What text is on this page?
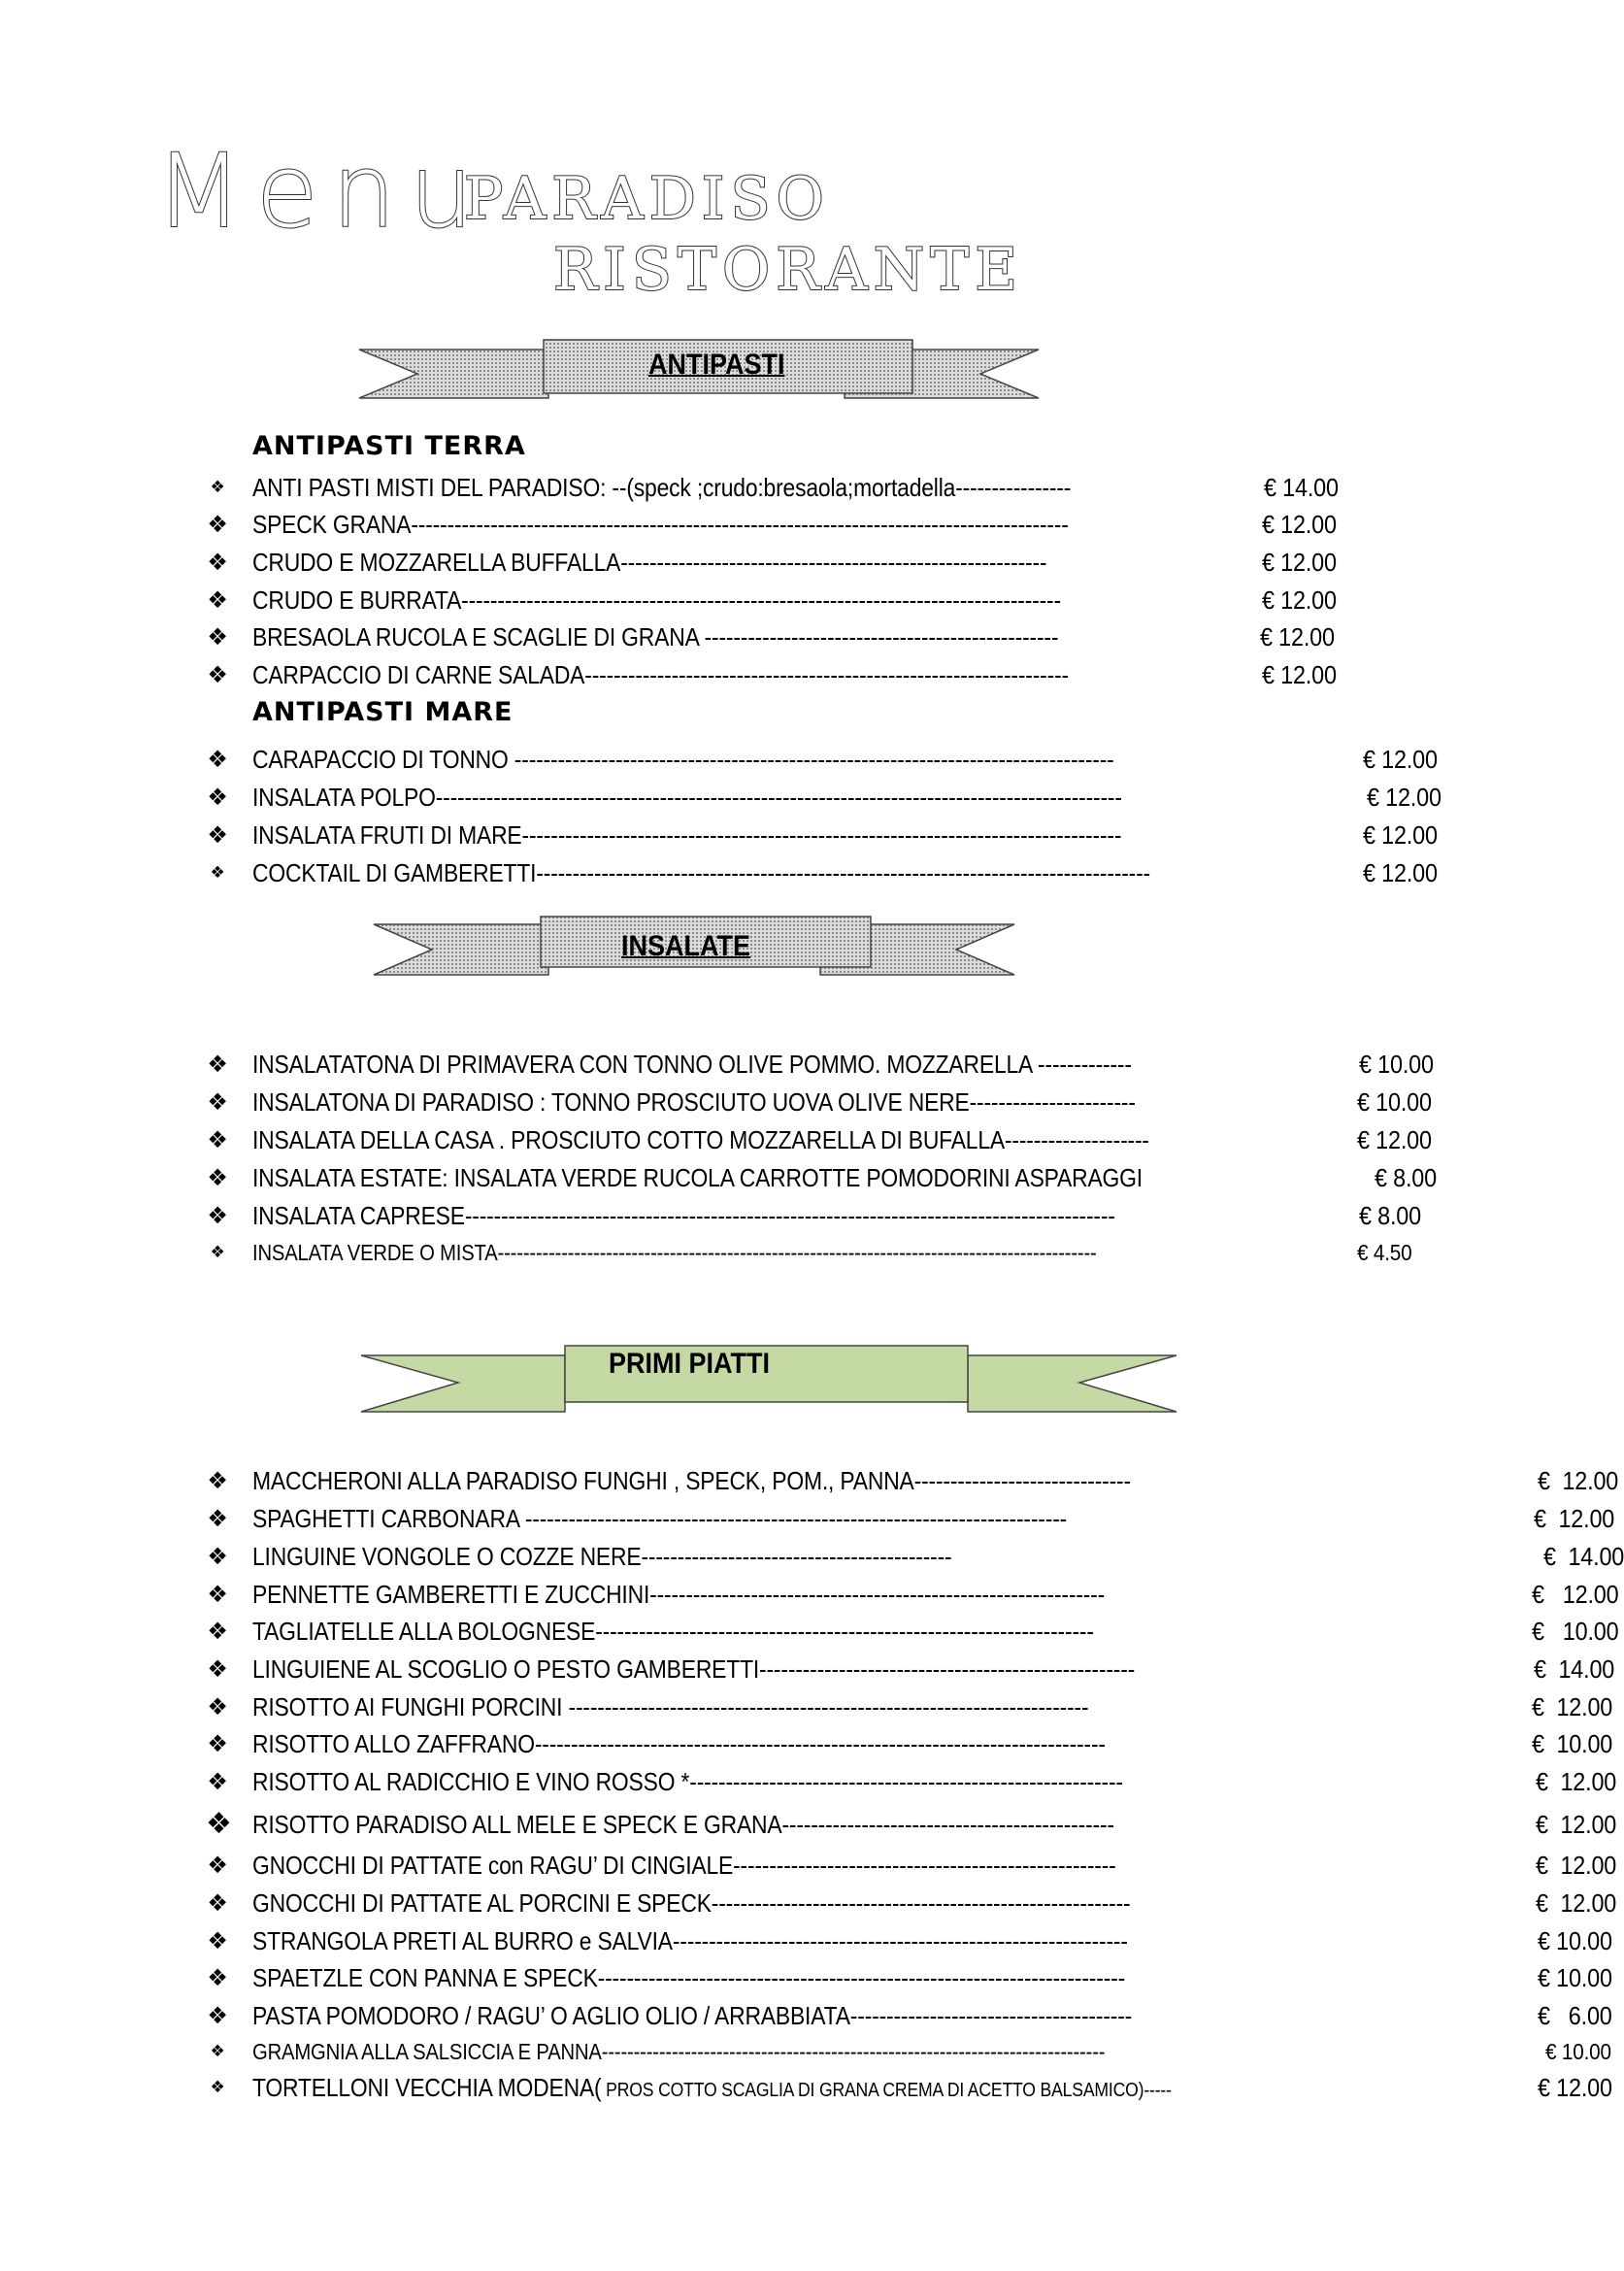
Menu
PARADISO
RISTORANTE
ANTIPASTI
ANTIPASTI TERRA
❖ ANTI PASTI MISTI DEL PARADISO: --(speck ;crudo:bresaola;mortadella----------------	€ 14.00
❖ SPECK GRANA-------------------------------------------------------------------------------------------	€ 12.00
❖ CRUDO E MOZZARELLA BUFFALLA-----------------------------------------------------------	€ 12.00
❖ CRUDO E BURRATA-----------------------------------------------------------------------------------	€ 12.00
❖ BRESAOLA RUCOLA E SCAGLIE DI GRANA -------------------------------------------------	€ 12.00
❖ CARPACCIO DI CARNE SALADA-------------------------------------------------------------------	€ 12.00
ANTIPASTI MARE
❖ CARAPACCIO DI TONNO -----------------------------------------------------------------------------------	€ 12.00
❖ INSALATA POLPO-----------------------------------------------------------------------------------------------	€ 12.00
❖ INSALATA FRUTI DI MARE-----------------------------------------------------------------------------------	€ 12.00
❖ COCKTAIL DI GAMBERETTI-------------------------------------------------------------------------------------	€ 12.00
INSALATE
❖ INSALATATONA DI PRIMAVERA CON TONNO OLIVE POMMO. MOZZARELLA -------------	€ 10.00
❖ INSALATONA DI PARADISO : TONNO PROSCIUTO UOVA OLIVE NERE-----------------------	€ 10.00
❖ INSALATA DELLA CASA . PROSCIUTO COTTO MOZZARELLA DI BUFALLA--------------------	€ 12.00
❖ INSALATA ESTATE: INSALATA VERDE RUCOLA CARROTTE POMODORINI ASPARAGGI	€ 8.00
❖ INSALATA CAPRESE------------------------------------------------------------------------------------------	€ 8.00
❖ INSALATA VERDE O MISTA----------------------------------------------------------------------------------------------	€ 4.50
PRIMI PIATTI
❖ MACCHERONI ALLA PARADISO FUNGHI , SPECK, POM., PANNA------------------------------	€  12.00
❖ SPAGHETTI CARBONARA ---------------------------------------------------------------------------	€  12.00
❖ LINGUINE VONGOLE O COZZE NERE-------------------------------------------	€  14.00
❖ PENNETTE GAMBERETTI E ZUCCHINI---------------------------------------------------------------	€   12.00
❖ TAGLIATELLE ALLA BOLOGNESE---------------------------------------------------------------------	€   10.00
❖ LINGUIENE AL SCOGLIO O PESTO GAMBERETTI----------------------------------------------------	€  14.00
❖ RISOTTO AI FUNGHI PORCINI ------------------------------------------------------------------------	€  12.00
❖ RISOTTO ALLO ZAFFRANO-------------------------------------------------------------------------------	€  10.00
❖ RISOTTO AL RADICCHIO E VINO ROSSO *------------------------------------------------------------	€  12.00
❖ RISOTTO PARADISO ALL MELE E SPECK E GRANA----------------------------------------------	€  12.00
❖ GNOCCHI DI PATTATE con RAGU’ DI CINGIALE-----------------------------------------------------	€  12.00
❖ GNOCCHI DI PATTATE AL PORCINI E SPECK----------------------------------------------------------	€  12.00
❖ STRANGOLA PRETI AL BURRO e SALVIA---------------------------------------------------------------	€ 10.00
❖ SPAETZLE CON PANNA E SPECK-------------------------------------------------------------------------	€ 10.00
❖ PASTA POMODORO / RAGU’ O AGLIO OLIO / ARRABBIATA---------------------------------------	€   6.00
❖ GRAMGNIA ALLA SALSICCIA E PANNA-------------------------------------------------------------------------------	€ 10.00
❖ TORTELLONI VECCHIA MODENA( PROS COTTO SCAGLIA DI GRANA CREMA DI ACETTO BALSAMICO)-----	€ 12.00
